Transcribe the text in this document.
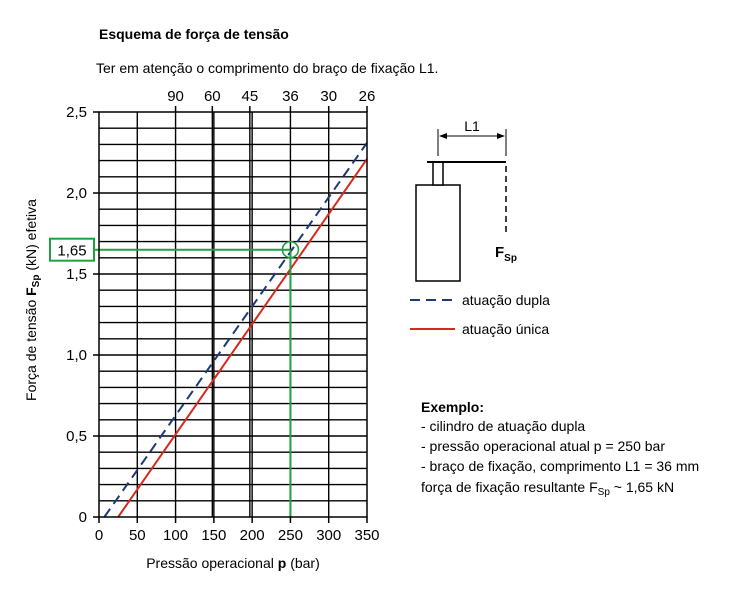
Esquema de força de tensão
Ter em atenção o comprimento do braço de fixação L1.
1,65
0 50 100 150 200 250 300 350
0
0,5
1,0
1,5
2,0
2,5
90 60 45 36 30 26
Pressão operacional p (bar)
Força de tensão $F_{Sp}$ (kN) efetiva
L1
$F_{Sp}$
atuação dupla
atuação única
Exemplo:
- cilindro de atuação dupla
- pressão operacional atual p = 250 bar
- braço de fixação, comprimento L1 = 36 mm
força de fixação resultante $F_{Sp}$ ~ 1,65 kN
